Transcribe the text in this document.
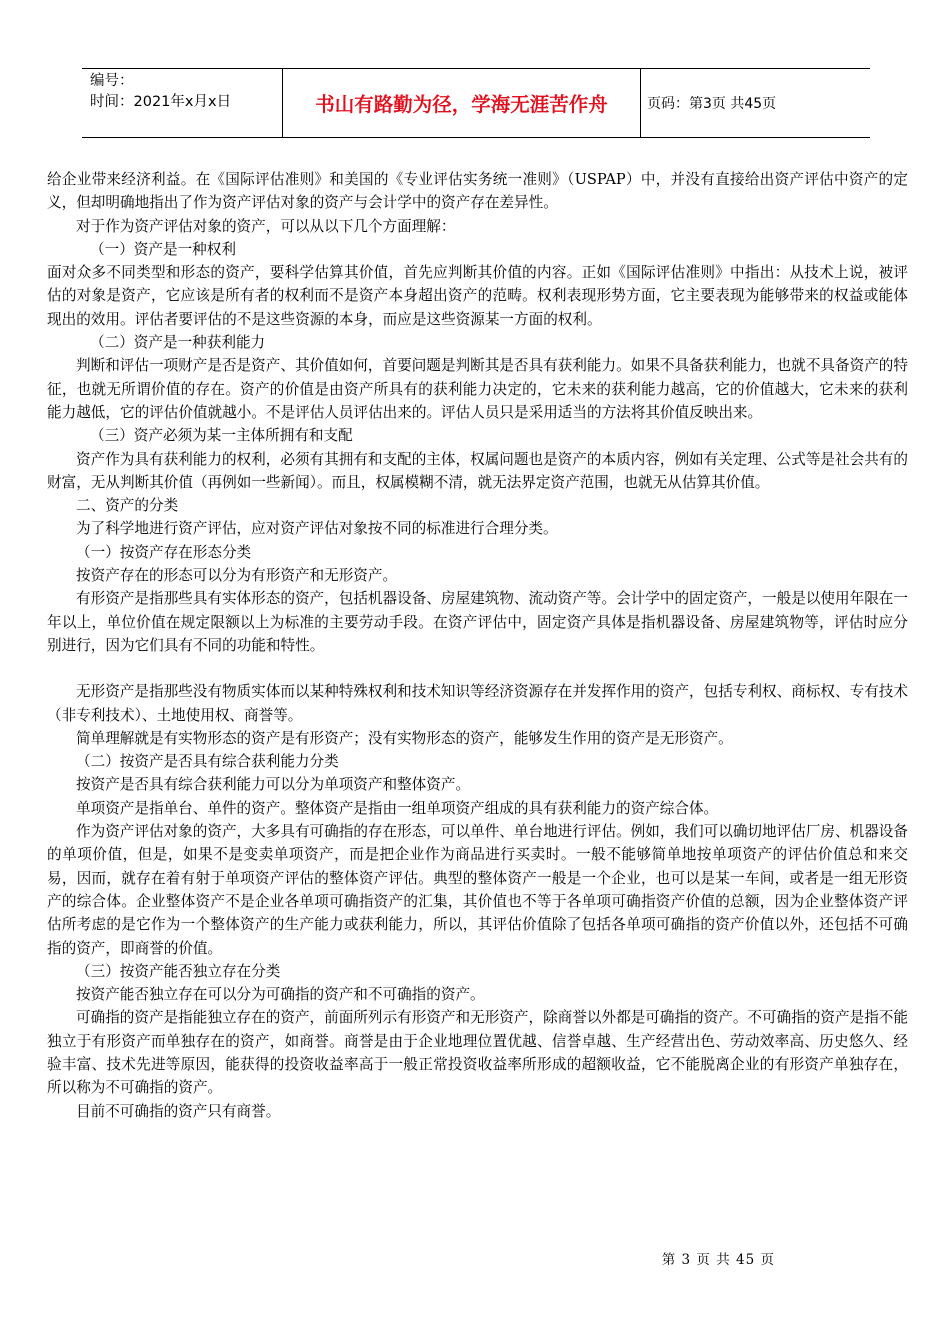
编号：
时间：2021年x月x日	书山有路勤为径，学海无涯苦作舟	页码：第3页 共45页

给企业带来经济利益。在《国际评估准则》和美国的《专业评估实务统一准则》（USPAP）中，并没有直接给出资产评估中资产的定义，但却明确地指出了作为资产评估对象的资产与会计学中的资产存在差异性。

对于作为资产评估对象的资产，可以从以下几个方面理解：

（一）资产是一种权利

面对众多不同类型和形态的资产，要科学估算其价值，首先应判断其价值的内容。正如《国际评估准则》中指出：从技术上说，被评估的对象是资产，它应该是所有者的权利而不是资产本身超出资产的范畴。权利表现形势方面，它主要表现为能够带来的权益或能体现出的效用。评估者要评估的不是这些资源的本身，而应是这些资源某一方面的权利。

（二）资产是一种获利能力

判断和评估一项财产是否是资产、其价值如何，首要问题是判断其是否具有获利能力。如果不具备获利能力，也就不具备资产的特征，也就无所谓价值的存在。资产的价值是由资产所具有的获利能力决定的，它未来的获利能力越高，它的价值越大，它未来的获利能力越低，它的评估价值就越小。不是评估人员评估出来的。评估人员只是采用适当的方法将其价值反映出来。

（三）资产必须为某一主体所拥有和支配

资产作为具有获利能力的权利，必须有其拥有和支配的主体，权属问题也是资产的本质内容，例如有关定理、公式等是社会共有的财富，无从判断其价值（再例如一些新闻）。而且，权属模糊不清，就无法界定资产范围，也就无从估算其价值。

二、资产的分类

为了科学地进行资产评估，应对资产评估对象按不同的标准进行合理分类。

（一）按资产存在形态分类

按资产存在的形态可以分为有形资产和无形资产。

有形资产是指那些具有实体形态的资产，包括机器设备、房屋建筑物、流动资产等。会计学中的固定资产，一般是以使用年限在一年以上，单位价值在规定限额以上为标准的主要劳动手段。在资产评估中，固定资产具体是指机器设备、房屋建筑物等，评估时应分别进行，因为它们具有不同的功能和特性。

无形资产是指那些没有物质实体而以某种特殊权利和技术知识等经济资源存在并发挥作用的资产，包括专利权、商标权、专有技术（非专利技术）、土地使用权、商誉等。

简单理解就是有实物形态的资产是有形资产；没有实物形态的资产，能够发生作用的资产是无形资产。

（二）按资产是否具有综合获利能力分类

按资产是否具有综合获利能力可以分为单项资产和整体资产。

单项资产是指单台、单件的资产。整体资产是指由一组单项资产组成的具有获利能力的资产综合体。

作为资产评估对象的资产，大多具有可确指的存在形态，可以单件、单台地进行评估。例如，我们可以确切地评估厂房、机器设备的单项价值，但是，如果不是变卖单项资产，而是把企业作为商品进行买卖时。一般不能够简单地按单项资产的评估价值总和来交易，因而，就存在着有射于单项资产评估的整体资产评估。典型的整体资产一般是一个企业，也可以是某一车间，或者是一组无形资产的综合体。企业整体资产不是企业各单项可确指资产的汇集，其价值也不等于各单项可确指资产价值的总额，因为企业整体资产评估所考虑的是它作为一个整体资产的生产能力或获利能力，所以，其评估价值除了包括各单项可确指的资产价值以外，还包括不可确指的资产，即商誉的价值。

（三）按资产能否独立存在分类

按资产能否独立存在可以分为可确指的资产和不可确指的资产。

可确指的资产是指能独立存在的资产，前面所列示有形资产和无形资产，除商誉以外都是可确指的资产。不可确指的资产是指不能独立于有形资产而单独存在的资产，如商誉。商誉是由于企业地理位置优越、信誉卓越、生产经营出色、劳动效率高、历史悠久、经验丰富、技术先进等原因，能获得的投资收益率高于一般正常投资收益率所形成的超额收益，它不能脱离企业的有形资产单独存在，所以称为不可确指的资产。

目前不可确指的资产只有商誉。

第 3 页 共 45 页
